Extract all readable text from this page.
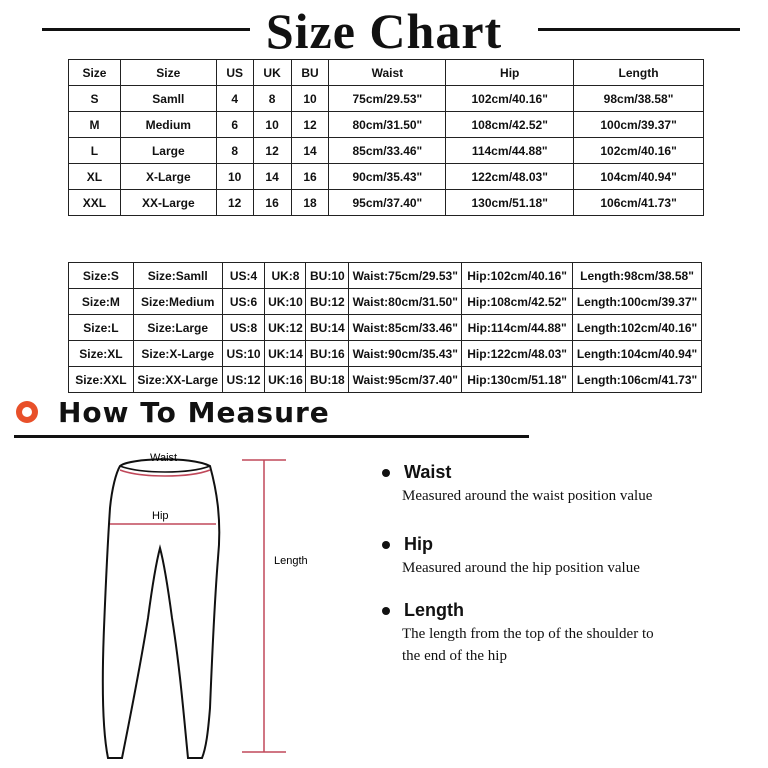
Size Chart
Size	Size	US	UK	BU	Waist	Hip	Length
S	Samll	4	8	10	75cm/29.53"	102cm/40.16"	98cm/38.58"
M	Medium	6	10	12	80cm/31.50"	108cm/42.52"	100cm/39.37"
L	Large	8	12	14	85cm/33.46"	114cm/44.88"	102cm/40.16"
XL	X-Large	10	14	16	90cm/35.43"	122cm/48.03"	104cm/40.94"
XXL	XX-Large	12	16	18	95cm/37.40"	130cm/51.18"	106cm/41.73"
Size:S	Size:Samll	US:4	UK:8	BU:10	Waist:75cm/29.53"	Hip:102cm/40.16"	Length:98cm/38.58"
Size:M	Size:Medium	US:6	UK:10	BU:12	Waist:80cm/31.50"	Hip:108cm/42.52"	Length:100cm/39.37"
Size:L	Size:Large	US:8	UK:12	BU:14	Waist:85cm/33.46"	Hip:114cm/44.88"	Length:102cm/40.16"
Size:XL	Size:X-Large	US:10	UK:14	BU:16	Waist:90cm/35.43"	Hip:122cm/48.03"	Length:104cm/40.94"
Size:XXL	Size:XX-Large	US:12	UK:16	BU:18	Waist:95cm/37.40"	Hip:130cm/51.18"	Length:106cm/41.73"
How To Measure
Waist
Hip
Length
Waist
Measured around the waist position value
Hip
Measured around the hip position value
Length
The length from the top of the shoulder to
the end of the hip
